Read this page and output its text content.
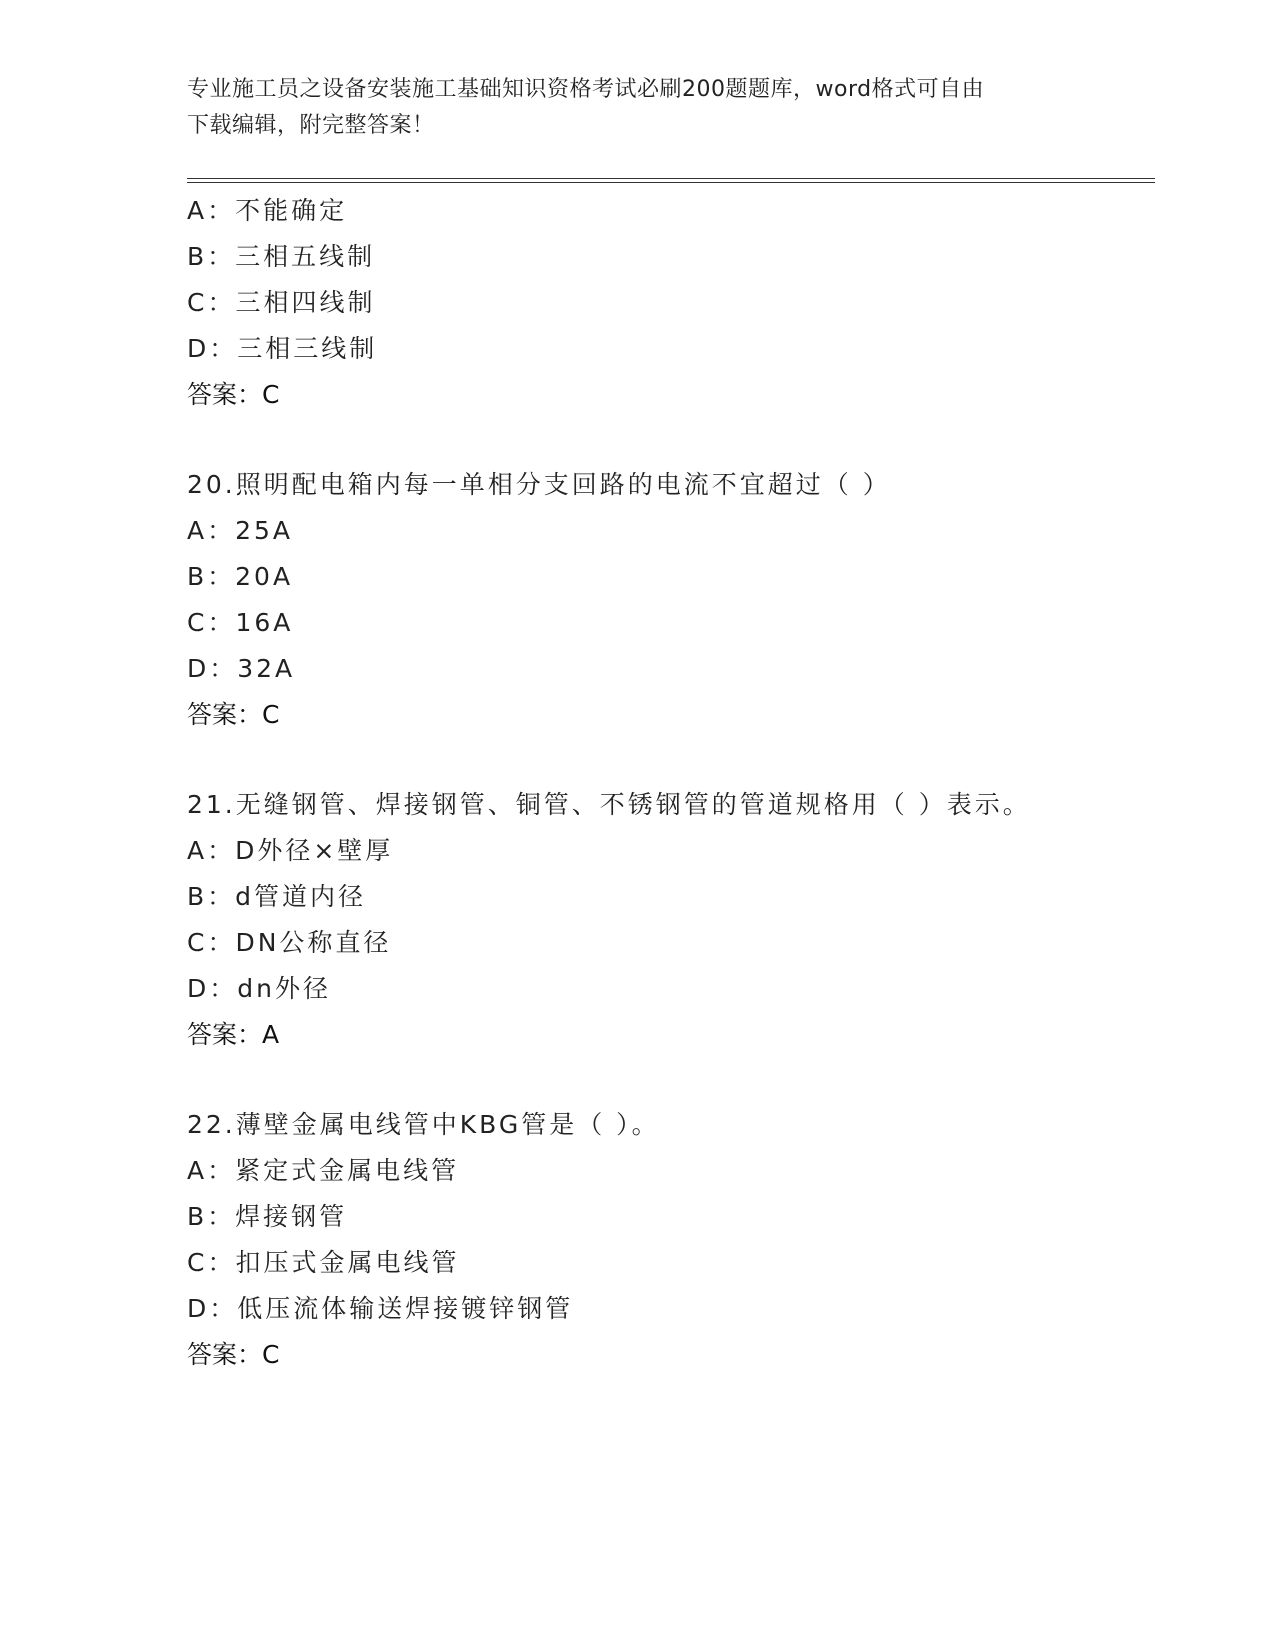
专业施工员之设备安装施工基础知识资格考试必刷200题题库，word格式可自由
下载编辑，附完整答案！
A：不能确定
B：三相五线制
C：三相四线制
D：三相三线制
答案：C
20.照明配电箱内每一单相分支回路的电流不宜超过（ ）
A：25A
B：20A
C：16A
D：32A
答案：C
21.无缝钢管、焊接钢管、铜管、不锈钢管的管道规格用（ ）表示。
A：D外径×壁厚
B：d管道内径
C：DN公称直径
D：dn外径
答案：A
22.薄壁金属电线管中KBG管是（ ）。
A：紧定式金属电线管
B：焊接钢管
C：扣压式金属电线管
D：低压流体输送焊接镀锌钢管
答案：C
